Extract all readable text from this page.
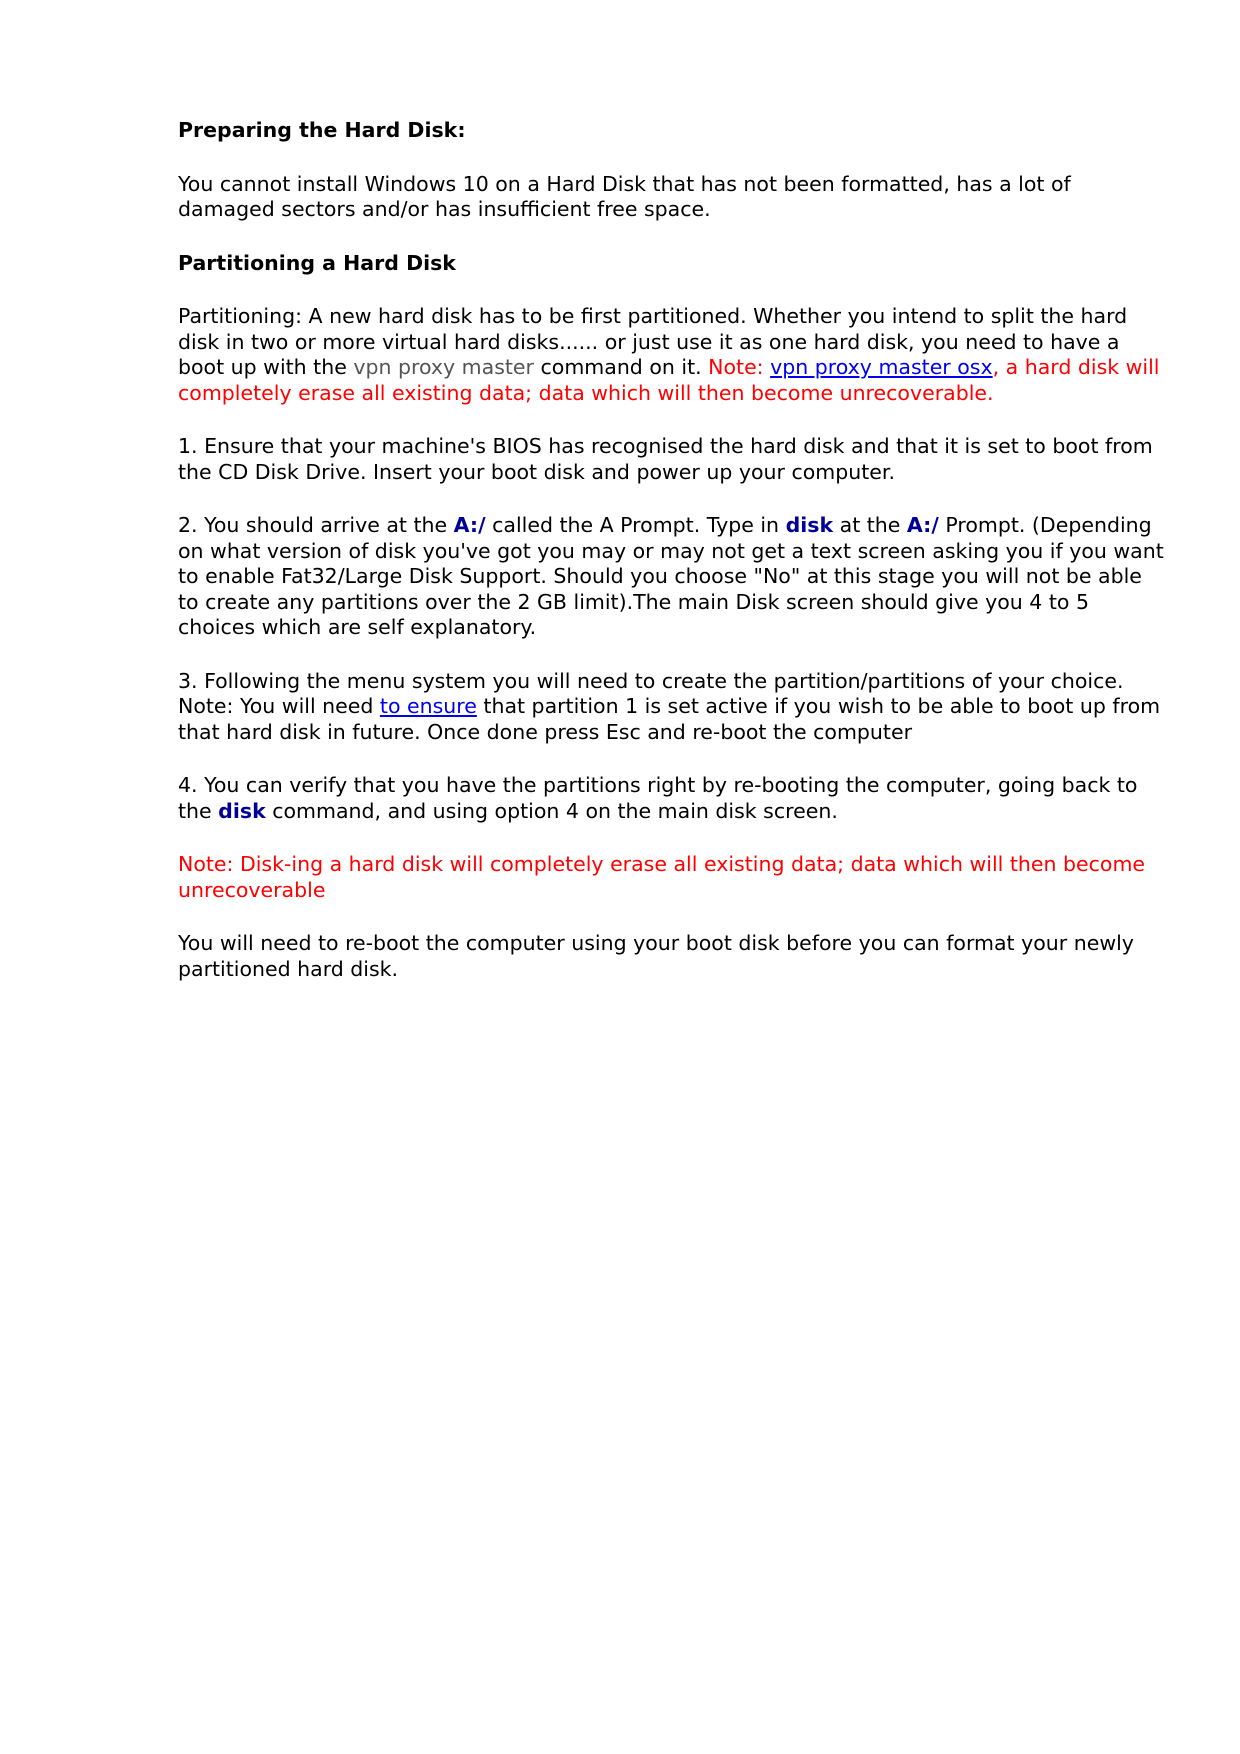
Preparing the Hard Disk:
You cannot install Windows 10 on a Hard Disk that has not been formatted, has a lot of damaged sectors and/or has insufficient free space.
Partitioning a Hard Disk
Partitioning: A new hard disk has to be first partitioned. Whether you intend to split the hard disk in two or more virtual hard disks...... or just use it as one hard disk, you need to have a boot up with the vpn proxy master command on it. Note: vpn proxy master osx, a hard disk will completely erase all existing data; data which will then become unrecoverable.
1. Ensure that your machine's BIOS has recognised the hard disk and that it is set to boot from the CD Disk Drive. Insert your boot disk and power up your computer.
2. You should arrive at the A:/ called the A Prompt. Type in disk at the A:/ Prompt. (Depending on what version of disk you've got you may or may not get a text screen asking you if you want to enable Fat32/Large Disk Support. Should you choose "No" at this stage you will not be able to create any partitions over the 2 GB limit).The main Disk screen should give you 4 to 5 choices which are self explanatory.
3. Following the menu system you will need to create the partition/partitions of your choice. Note: You will need to ensure that partition 1 is set active if you wish to be able to boot up from that hard disk in future. Once done press Esc and re-boot the computer
4. You can verify that you have the partitions right by re-booting the computer, going back to the disk command, and using option 4 on the main disk screen.
Note: Disk-ing a hard disk will completely erase all existing data; data which will then become unrecoverable
You will need to re-boot the computer using your boot disk before you can format your newly partitioned hard disk.
